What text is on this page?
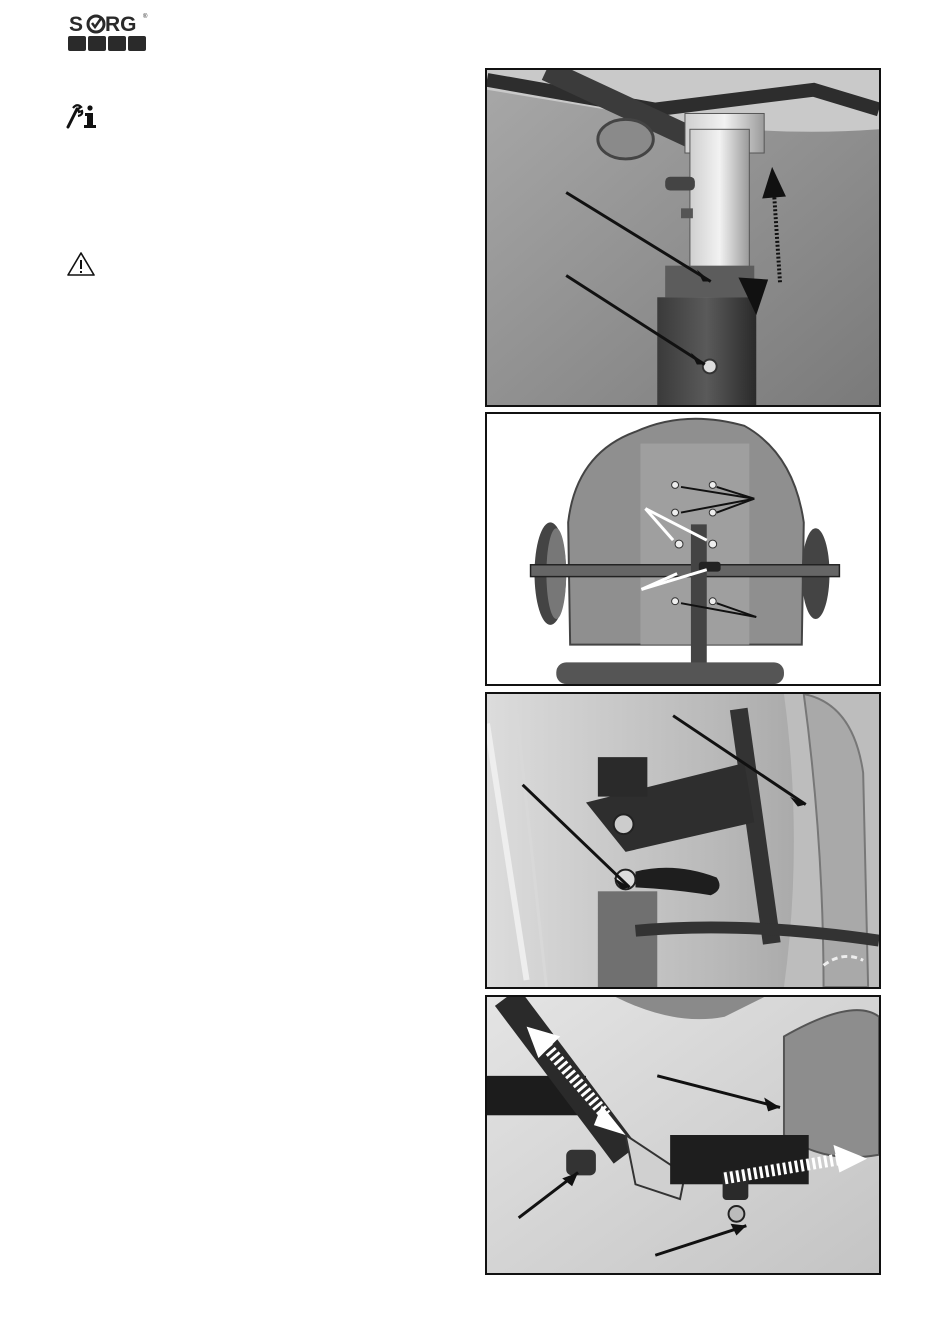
S RG ®
